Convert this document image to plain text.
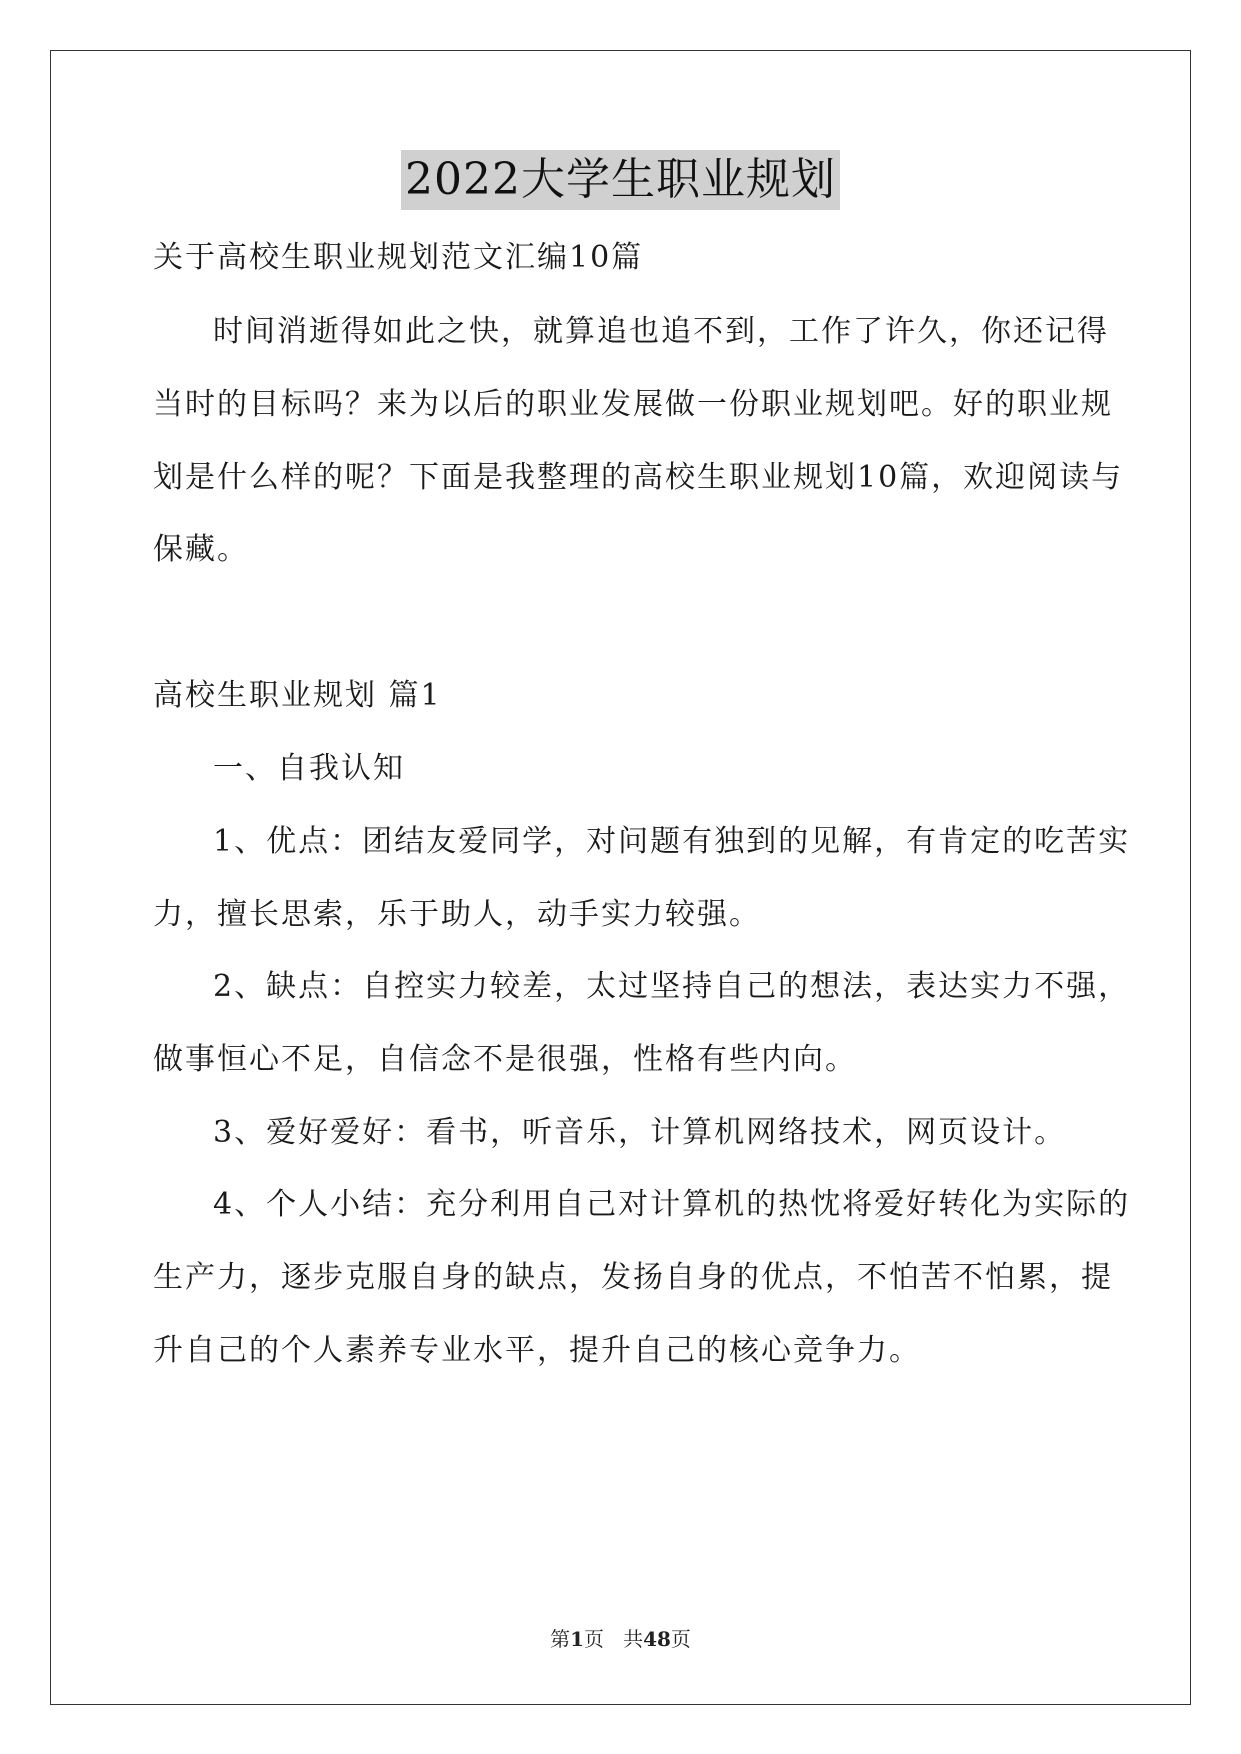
2022大学生职业规划
关于高校生职业规划范文汇编10篇
时间消逝得如此之快，就算追也追不到，工作了许久，你还记得
当时的目标吗？来为以后的职业发展做一份职业规划吧。好的职业规
划是什么样的呢？下面是我整理的高校生职业规划10篇，欢迎阅读与
保藏。
高校生职业规划 篇1
一、自我认知
1、优点：团结友爱同学，对问题有独到的见解，有肯定的吃苦实
力，擅长思索，乐于助人，动手实力较强。
2、缺点：自控实力较差，太过坚持自己的想法，表达实力不强，
做事恒心不足，自信念不是很强，性格有些内向。
3、爱好爱好：看书，听音乐，计算机网络技术，网页设计。
4、个人小结：充分利用自己对计算机的热忱将爱好转化为实际的
生产力，逐步克服自身的缺点，发扬自身的优点，不怕苦不怕累，提
升自己的个人素养专业水平，提升自己的核心竞争力。
第1页 共48页
